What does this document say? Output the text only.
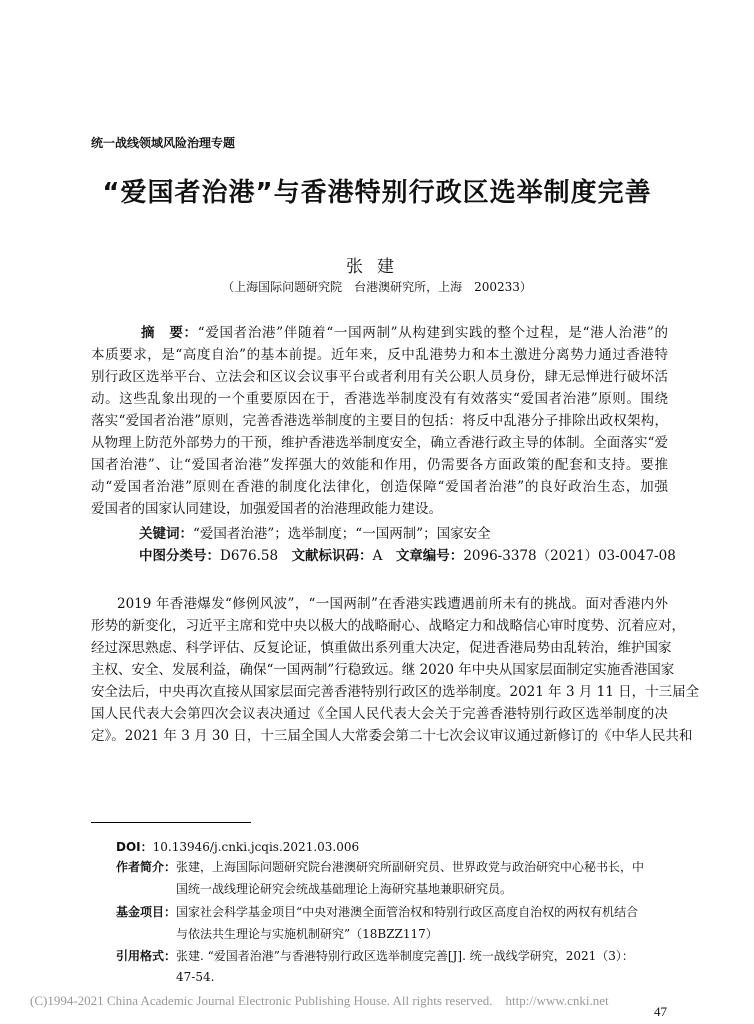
统一战线领域风险治理专题
“爱国者治港”与香港特别行政区选举制度完善
张建
（上海国际问题研究院　台港澳研究所，上海　200233）
摘　要：“爱国者治港”伴随着“一国两制”从构建到实践的整个过程，是“港人治港”的
本质要求，是“高度自治”的基本前提。近年来，反中乱港势力和本土激进分离势力通过香港特
别行政区选举平台、立法会和区议会议事平台或者利用有关公职人员身份，肆无忌惮进行破坏活
动。这些乱象出现的一个重要原因在于，香港选举制度没有有效落实“爱国者治港”原则。围绕
落实“爱国者治港”原则，完善香港选举制度的主要目的包括：将反中乱港分子排除出政权架构，
从物理上防范外部势力的干预，维护香港选举制度安全，确立香港行政主导的体制。全面落实“爱
国者治港”、让“爱国者治港”发挥强大的效能和作用，仍需要各方面政策的配套和支持。要推
动“爱国者治港”原则在香港的制度化法律化，创造保障“爱国者治港”的良好政治生态，加强
爱国者的国家认同建设，加强爱国者的治港理政能力建设。
关键词：“爱国者治港”；选举制度；“一国两制”；国家安全
中图分类号：D676.58　 文献标识码：A　 文章编号：2096-3378（2021）03-0047-08
2019 年香港爆发“修例风波”，“一国两制”在香港实践遭遇前所未有的挑战。面对香港内外
形势的新变化，习近平主席和党中央以极大的战略耐心、战略定力和战略信心审时度势、沉着应对，
经过深思熟虑、科学评估、反复论证，慎重做出系列重大决定，促进香港局势由乱转治，维护国家
主权、安全、发展利益，确保“一国两制”行稳致远。继 2020 年中央从国家层面制定实施香港国家
安全法后，中央再次直接从国家层面完善香港特别行政区的选举制度。2021 年 3 月 11 日，十三届全
国人民代表大会第四次会议表决通过《全国人民代表大会关于完善香港特别行政区选举制度的决
定》。2021 年 3 月 30 日，十三届全国人大常委会第二十七次会议审议通过新修订的《中华人民共和
DOI：10.13946/j.cnki.jcqis.2021.03.006
作者简介：张建，上海国际问题研究院台港澳研究所副研究员、世界政党与政治研究中心秘书长，中
国统一战线理论研究会统战基础理论上海研究基地兼职研究员。
基金项目：国家社会科学基金项目“中央对港澳全面管治权和特别行政区高度自治权的两权有机结合
与依法共生理论与实施机制研究”（18BZZ117）
引用格式：张建. “爱国者治港”与香港特别行政区选举制度完善[J]. 统一战线学研究，2021（3）：
47-54.
(C)1994-2021 China Academic Journal Electronic Publishing House. All rights reserved.　http://www.cnki.net
47
